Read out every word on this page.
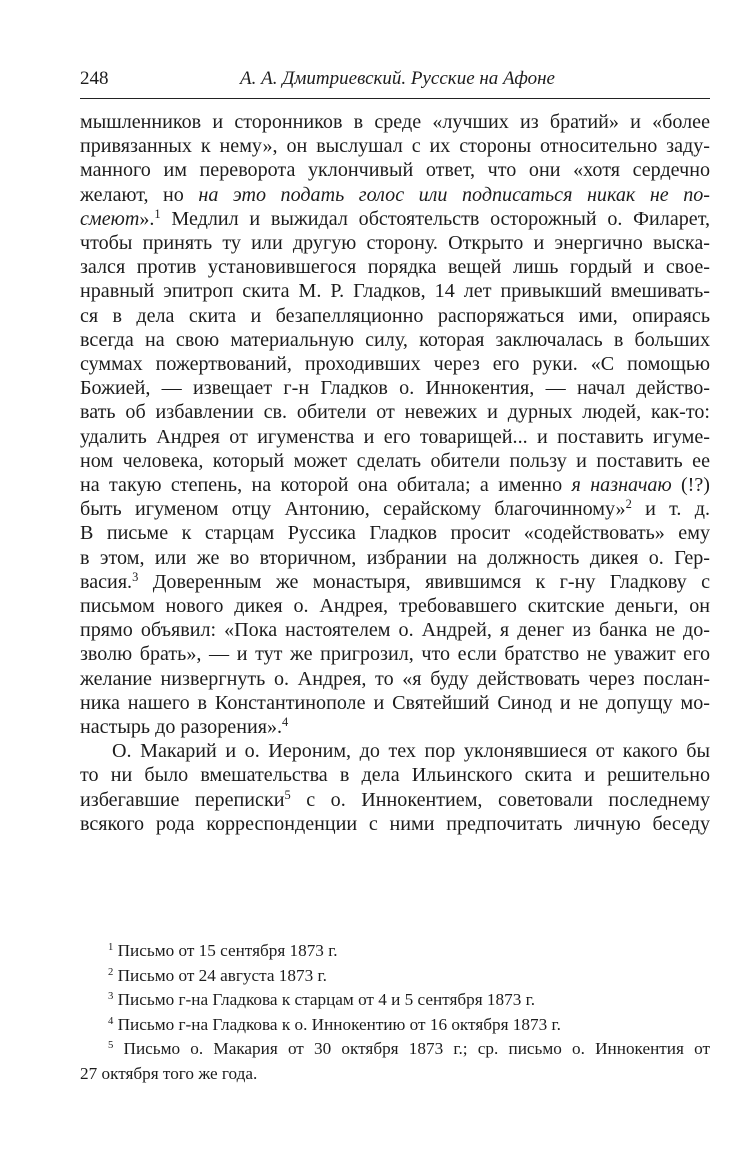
248	А. А. Дмитриевский. Русские на Афоне

мышленников и сторонников в среде «лучших из братий» и «более
привязанных к нему», он выслушал с их стороны относительно заду-
манного им переворота уклончивый ответ, что они «хотя сердечно
желают, но на это подать голос или подписаться никак не по-
смеют».$^1$ Медлил и выжидал обстоятельств осторожный о. Филарет,
чтобы принять ту или другую сторону. Открыто и энергично выска-
зался против установившегося порядка вещей лишь гордый и свое-
нравный эпитроп скита М. Р. Гладков, 14 лет привыкший вмешивать-
ся в дела скита и безапелляционно распоряжаться ими, опираясь
всегда на свою материальную силу, которая заключалась в больших
суммах пожертвований, проходивших через его руки. «С помощью
Божией, — извещает г-н Гладков о. Иннокентия, — начал действо-
вать об избавлении св. обители от невежих и дурных людей, как-то:
удалить Андрея от игуменства и его товарищей... и поставить игуме-
ном человека, который может сделать обители пользу и поставить ее
на такую степень, на которой она обитала; а именно я назначаю (!?)
быть игуменом отцу Антонию, серайскому благочинному»$^2$ и т. д.
В письме к старцам Руссика Гладков просит «содействовать» ему
в этом, или же во вторичном, избрании на должность дикея о. Гер-
васия.$^3$ Доверенным же монастыря, явившимся к г-ну Гладкову с
письмом нового дикея о. Андрея, требовавшего скитские деньги, он
прямо объявил: «Пока настоятелем о. Андрей, я денег из банка не до-
зволю брать», — и тут же пригрозил, что если братство не уважит его
желание низвергнуть о. Андрея, то «я буду действовать через послан-
ника нашего в Константинополе и Святейший Синод и не допущу мо-
настырь до разорения».$^4$

О. Макарий и о. Иероним, до тех пор уклонявшиеся от какого бы
то ни было вмешательства в дела Ильинского скита и решительно
избегавшие переписки$^5$ с о. Иннокентием, советовали последнему
всякого рода корреспонденции с ними предпочитать личную беседу

$^1$ Письмо от 15 сентября 1873 г.
$^2$ Письмо от 24 августа 1873 г.
$^3$ Письмо г-на Гладкова к старцам от 4 и 5 сентября 1873 г.
$^4$ Письмо г-на Гладкова к о. Иннокентию от 16 октября 1873 г.
$^5$ Письмо о. Макария от 30 октября 1873 г.; ср. письмо о. Иннокентия от
27 октября того же года.
